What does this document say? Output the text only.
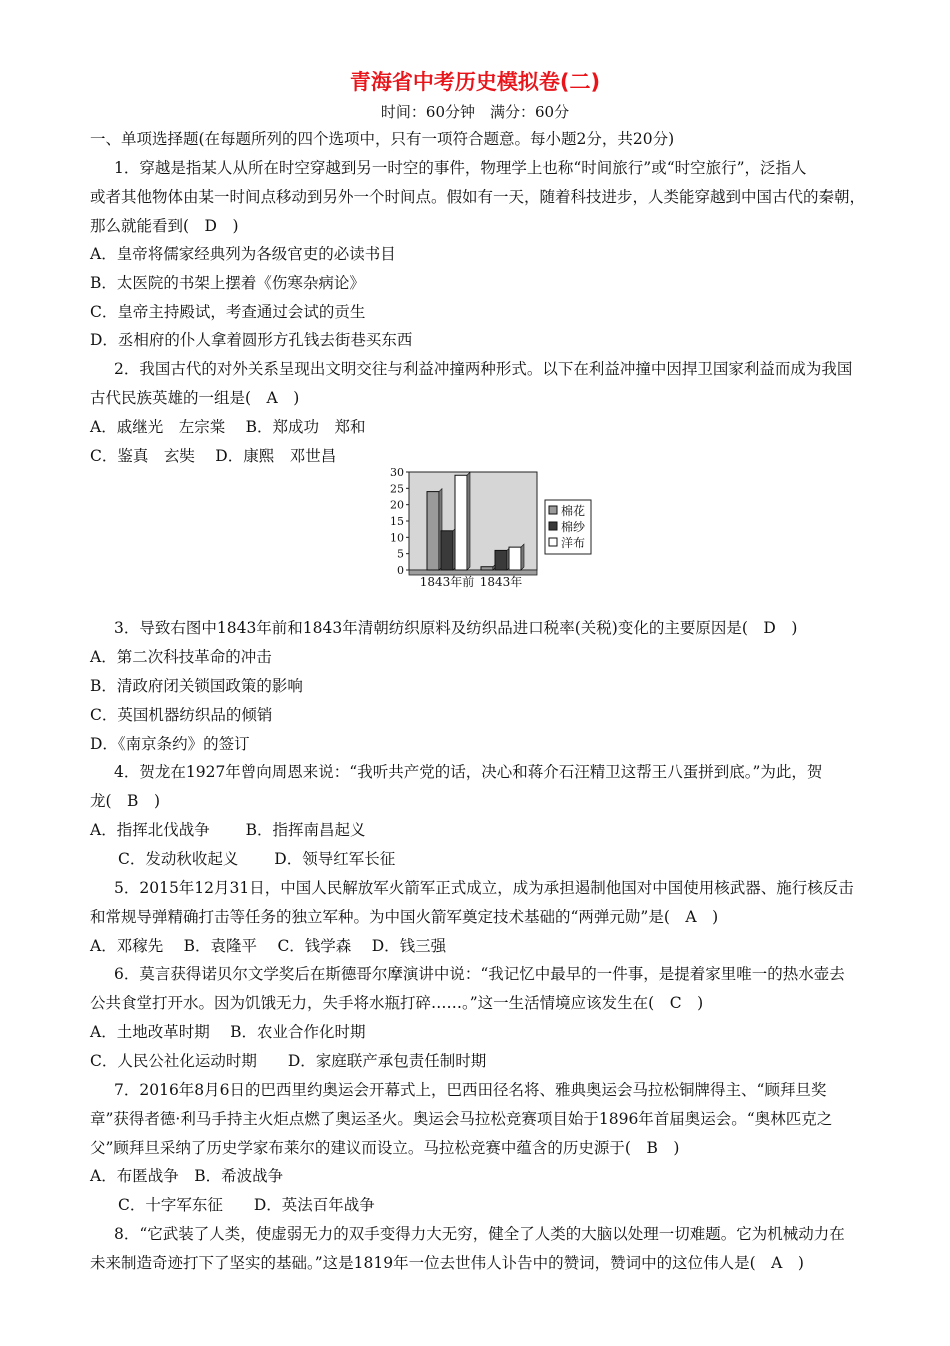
青海省中考历史模拟卷(二)
时间：60分钟　满分：60分
一、单项选择题(在每题所列的四个选项中，只有一项符合题意。每小题2分，共20分)
1．穿越是指某人从所在时空穿越到另一时空的事件，物理学上也称“时间旅行”或“时空旅行”，泛指人
或者其他物体由某一时间点移动到另外一个时间点。假如有一天，随着科技进步，人类能穿越到中国古代的秦朝，
那么就能看到(　D　)
A．皇帝将儒家经典列为各级官吏的必读书目
B．太医院的书架上摆着《伤寒杂病论》
C．皇帝主持殿试，考查通过会试的贡生
D．丞相府的仆人拿着圆形方孔钱去街巷买东西
2．我国古代的对外关系呈现出文明交往与利益冲撞两种形式。以下在利益冲撞中因捍卫国家利益而成为我国
古代民族英雄的一组是(　A　)
A．戚继光　左宗棠　 B．郑成功　郑和
C．鉴真　玄奘　 D．康熙　邓世昌
30
25
20
15
10
5
0
1843年前 1843年
棉花
棉纱
洋布
3．导致右图中1843年前和1843年清朝纺织原料及纺织品进口税率(关税)变化的主要原因是(　D　)
A．第二次科技革命的冲击
B．清政府闭关锁国政策的影响
C．英国机器纺织品的倾销
D．《南京条约》的签订
4．贺龙在1927年曾向周恩来说：“我听共产党的话，决心和蒋介石汪精卫这帮王八蛋拼到底。”为此，贺
龙(　B　)
A．指挥北伐战争　　 B．指挥南昌起义
C．发动秋收起义　　 D．领导红军长征
5．2015年12月31日，中国人民解放军火箭军正式成立，成为承担遏制他国对中国使用核武器、施行核反击
和常规导弹精确打击等任务的独立军种。为中国火箭军奠定技术基础的“两弹元勋”是(　A　)
A．邓稼先　 B．袁隆平　 C．钱学森　 D．钱三强
6．莫言获得诺贝尔文学奖后在斯德哥尔摩演讲中说：“我记忆中最早的一件事，是提着家里唯一的热水壶去
公共食堂打开水。因为饥饿无力，失手将水瓶打碎……。”这一生活情境应该发生在(　C　)
A．土地改革时期　 B．农业合作化时期
C．人民公社化运动时期　　D．家庭联产承包责任制时期
7．2016年8月6日的巴西里约奥运会开幕式上，巴西田径名将、雅典奥运会马拉松铜牌得主、“顾拜旦奖
章”获得者德·利马手持主火炬点燃了奥运圣火。奥运会马拉松竞赛项目始于1896年首届奥运会。“奥林匹克之
父”顾拜旦采纳了历史学家布莱尔的建议而设立。马拉松竞赛中蕴含的历史源于(　B　)
A．布匿战争　B．希波战争
C．十字军东征　　D．英法百年战争
8．“它武装了人类，使虚弱无力的双手变得力大无穷，健全了人类的大脑以处理一切难题。它为机械动力在
未来制造奇迹打下了坚实的基础。”这是1819年一位去世伟人讣告中的赞词，赞词中的这位伟人是(　A　)
